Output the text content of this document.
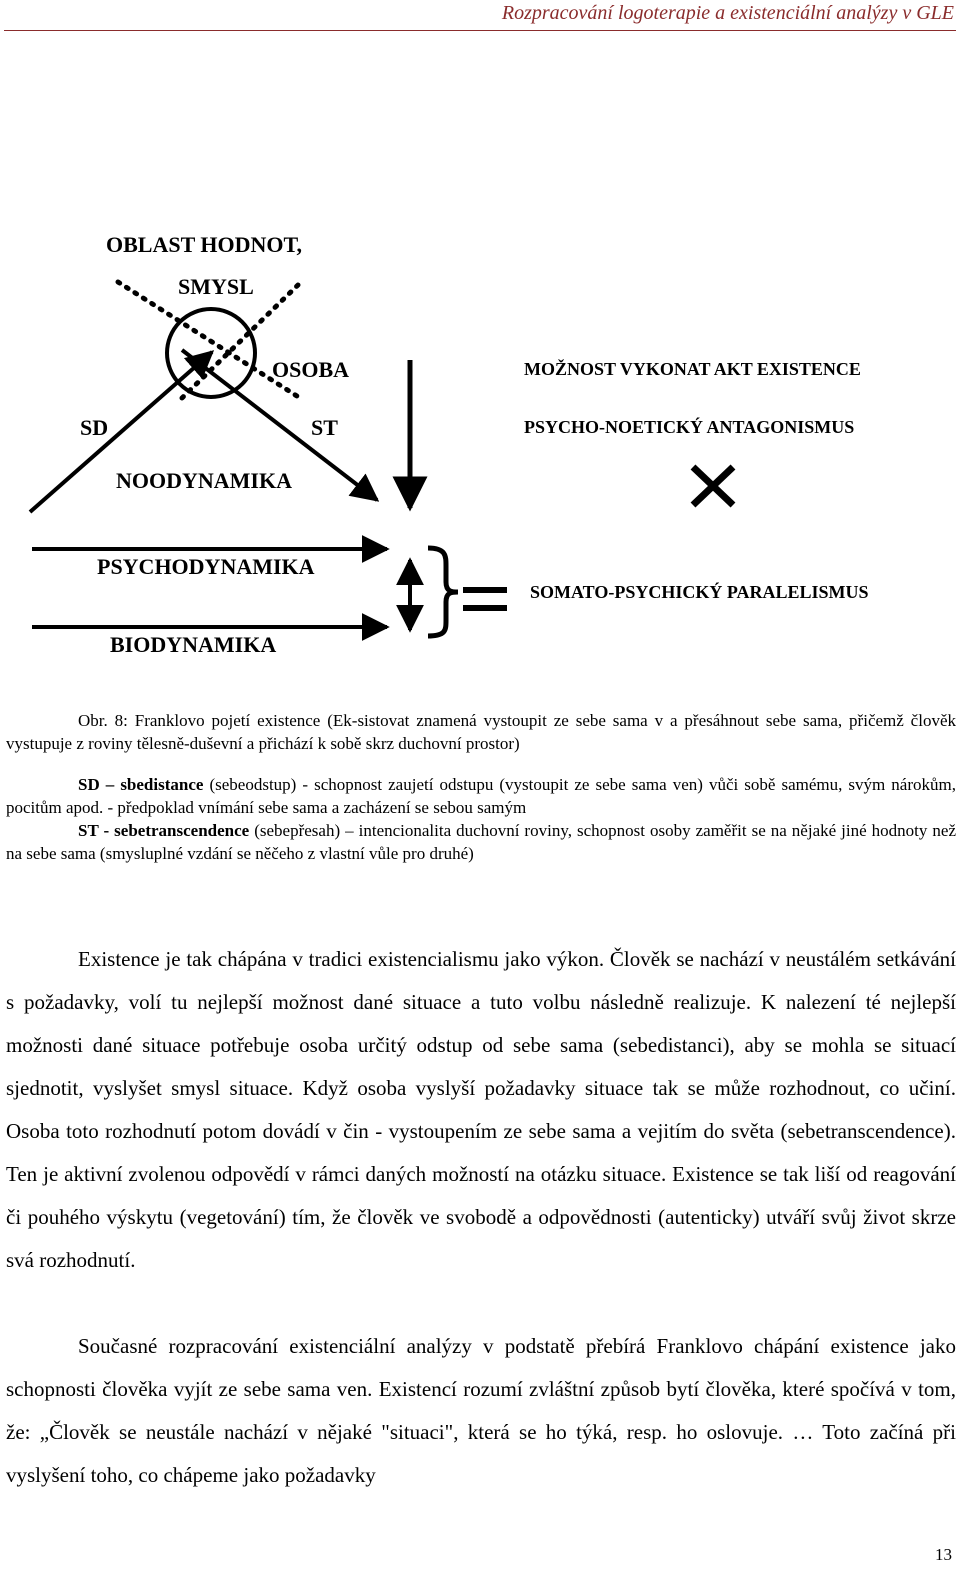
Rozpracování logoterapie a existenciální analýzy v GLE
OBLAST HODNOT,
SMYSL
OSOBA
SD	ST
NOODYNAMIKA
PSYCHODYNAMIKA
BIODYNAMIKA
MOŽNOST VYKONAT AKT EXISTENCE
PSYCHO-NOETICKÝ ANTAGONISMUS
SOMATO-PSYCHICKÝ PARALELISMUS

Obr. 8: Franklovo pojetí existence (Ek-sistovat znamená vystoupit ze sebe sama v a přesáhnout sebe sama, přičemž člověk vystupuje z roviny tělesně-duševní a přichází k sobě skrz duchovní prostor)

SD – sbedistance (sebeodstup) - schopnost zaujetí odstupu (vystoupit ze sebe sama ven) vůči sobě samému, svým nárokům, pocitům apod. - předpoklad vnímání sebe sama a zacházení se sebou samým

ST - sebetranscendence (sebepřesah) – intencionalita duchovní roviny, schopnost osoby zaměřit se na nějaké jiné hodnoty než na sebe sama (smysluplné vzdání se něčeho z vlastní vůle pro druhé)

Existence je tak chápána v tradici existencialismu jako výkon. Člověk se nachází v neustálém setkávání s požadavky, volí tu nejlepší možnost dané situace a tuto volbu následně realizuje. K nalezení té nejlepší možnosti dané situace potřebuje osoba určitý odstup od sebe sama (sebedistanci), aby se mohla se situací sjednotit, vyslyšet smysl situace. Když osoba vyslyší požadavky situace tak se může rozhodnout, co učiní. Osoba toto rozhodnutí potom dovádí v čin - vystoupením ze sebe sama a vejitím do světa (sebetranscendence). Ten je aktivní zvolenou odpovědí v rámci daných možností na otázku situace. Existence se tak liší od reagování či pouhého výskytu (vegetování) tím, že člověk ve svobodě a odpovědnosti (autenticky) utváří svůj život skrze svá rozhodnutí.

Současné rozpracování existenciální analýzy v podstatě přebírá Franklovo chápání existence jako schopnosti člověka vyjít ze sebe sama ven. Existencí rozumí zvláštní způsob bytí člověka, které spočívá v tom, že: „Člověk se neustále nachází v nějaké "situaci", která se ho týká, resp. ho oslovuje. … Toto začíná při vyslyšení toho, co chápeme jako požadavky

13
